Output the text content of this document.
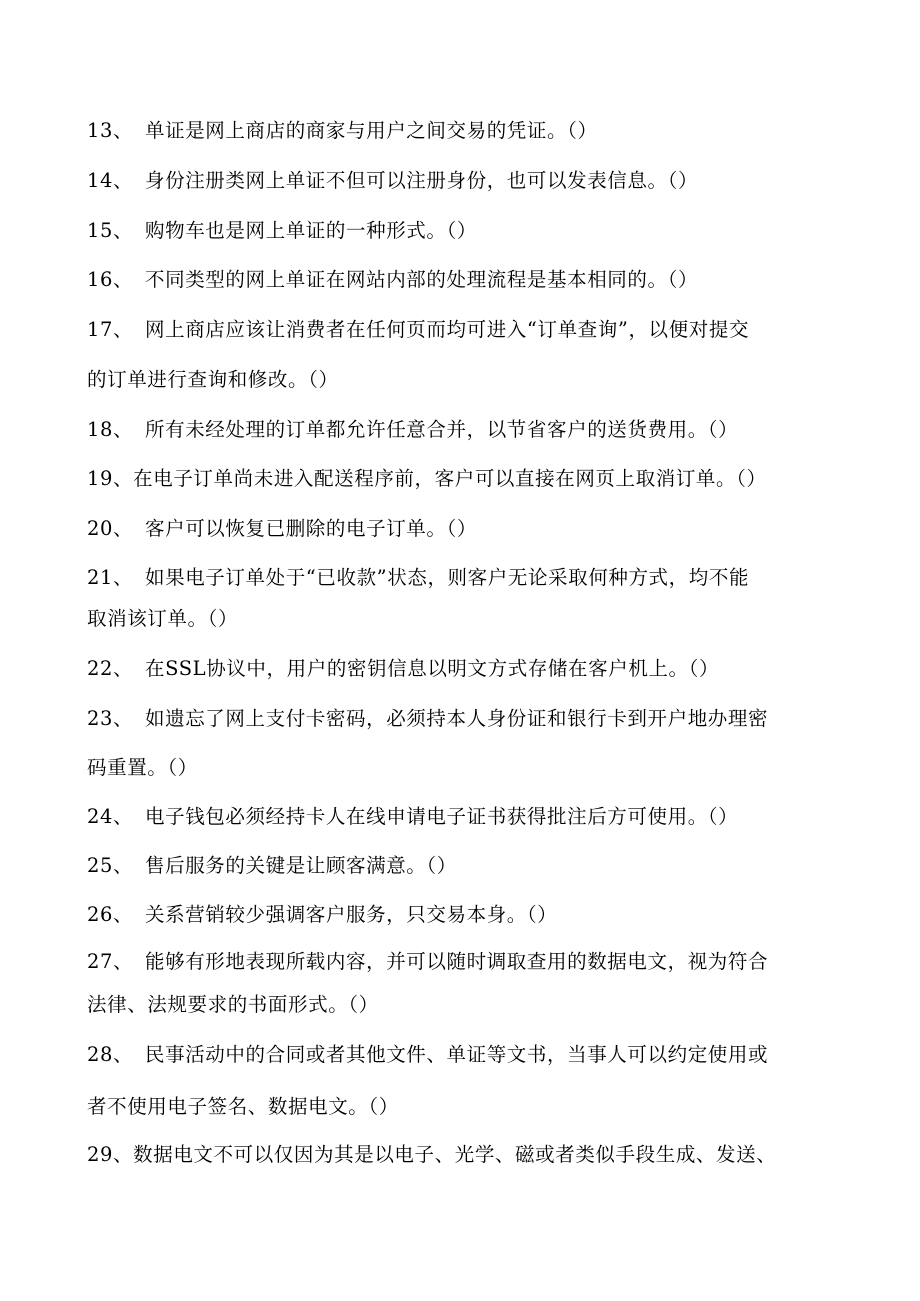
13、 单证是网上商店的商家与用户之间交易的凭证。（）
14、 身份注册类网上单证不但可以注册身份，也可以发表信息。（）
15、 购物车也是网上单证的一种形式。（）
16、 不同类型的网上单证在网站内部的处理流程是基本相同的。（）
17、 网上商店应该让消费者在任何页而均可进入“订单查询”，以便对提交
的订单进行查询和修改。（）
18、 所有未经处理的订单都允许任意合并，以节省客户的送货费用。（）
19、在电子订单尚未进入配送程序前，客户可以直接在网页上取消订单。（）
20、 客户可以恢复已删除的电子订单。（）
21、 如果电子订单处于“已收款”状态，则客户无论采取何种方式，均不能
取消该订单。（）
22、 在SSL协议中，用户的密钥信息以明文方式存储在客户机上。（）
23、 如遗忘了网上支付卡密码，必须持本人身份证和银行卡到开户地办理密
码重置。（）
24、 电子钱包必须经持卡人在线申请电子证书获得批注后方可使用。（）
25、 售后服务的关键是让顾客满意。（）
26、 关系营销较少强调客户服务，只交易本身。（）
27、 能够有形地表现所载内容，并可以随时调取查用的数据电文，视为符合
法律、法规要求的书面形式。（）
28、 民事活动中的合同或者其他文件、单证等文书，当事人可以约定使用或
者不使用电子签名、数据电文。（）
29、数据电文不可以仅因为其是以电子、光学、磁或者类似手段生成、发送、
